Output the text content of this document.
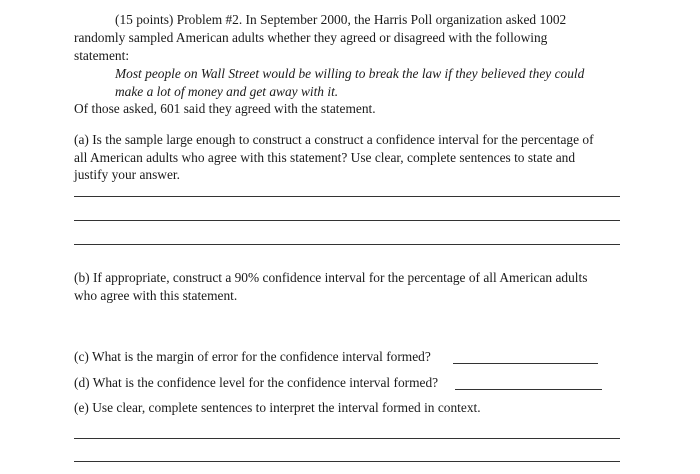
(15 points) Problem #2. In September 2000, the Harris Poll organization asked 1002

randomly sampled American adults whether they agreed or disagreed with the following

statement:

Most people on Wall Street would be willing to break the law if they believed they could

make a lot of money and get away with it.

Of those asked, 601 said they agreed with the statement.

(a) Is the sample large enough to construct a construct a confidence interval for the percentage of

all American adults who agree with this statement? Use clear, complete sentences to state and

justify your answer.

(b) If appropriate, construct a 90% confidence interval for the percentage of all American adults

who agree with this statement.

(c) What is the margin of error for the confidence interval formed?

(d) What is the confidence level for the confidence interval formed?

(e) Use clear, complete sentences to interpret the interval formed in context.
